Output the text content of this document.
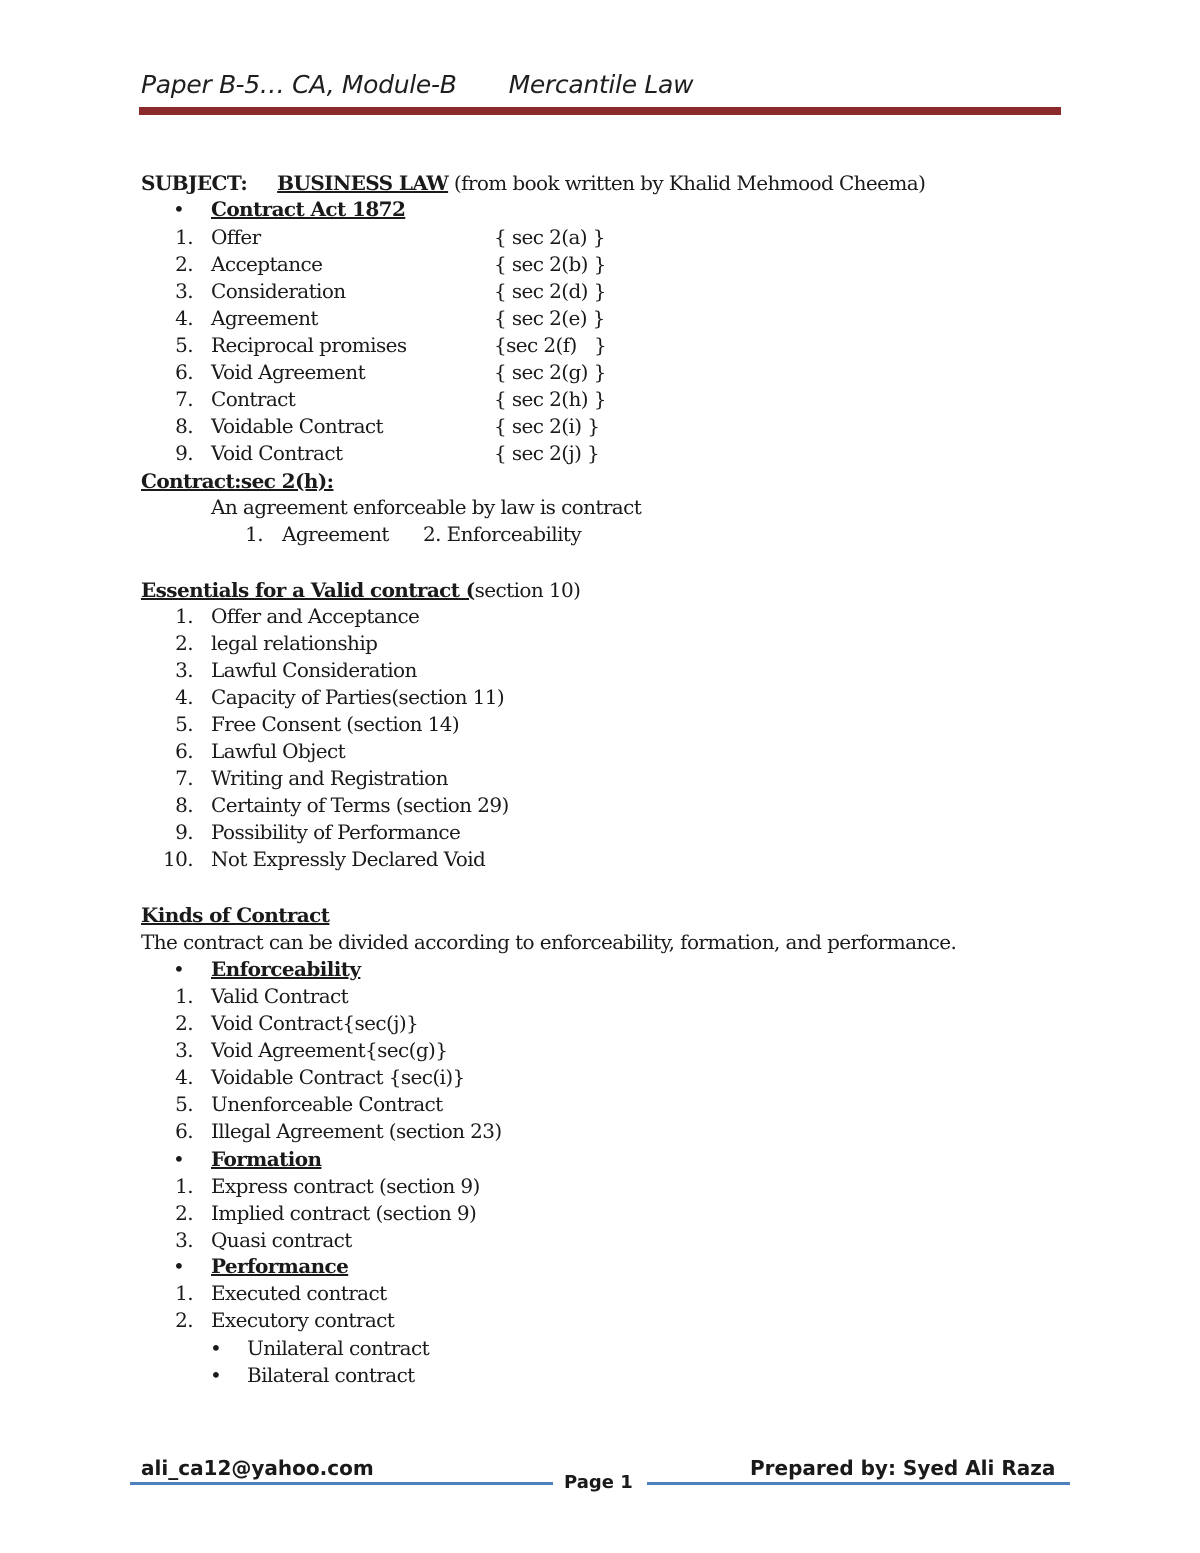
Paper B-5… CA, Module-B Mercantile Law
SUBJECT: BUSINESS LAW (from book written by Khalid Mehmood Cheema)
• Contract Act 1872
1. Offer	{ sec 2(a) }
2. Acceptance	{ sec 2(b) }
3. Consideration	{ sec 2(d) }
4. Agreement	{ sec 2(e) }
5. Reciprocal promises	{sec 2(f)   }
6. Void Agreement	{ sec 2(g) }
7. Contract	{ sec 2(h) }
8. Voidable Contract	{ sec 2(i) }
9. Void Contract	{ sec 2(j) }
Contract:sec 2(h):
An agreement enforceable by law is contract
1. Agreement 2. Enforceability
Essentials for a Valid contract (section 10)
1. Offer and Acceptance
2. legal relationship
3. Lawful Consideration
4. Capacity of Parties(section 11)
5. Free Consent (section 14)
6. Lawful Object
7. Writing and Registration
8. Certainty of Terms (section 29)
9. Possibility of Performance
10. Not Expressly Declared Void
Kinds of Contract
The contract can be divided according to enforceability, formation, and performance.
• Enforceability
1. Valid Contract
2. Void Contract{sec(j)}
3. Void Agreement{sec(g)}
4. Voidable Contract {sec(i)}
5. Unenforceable Contract
6. Illegal Agreement (section 23)
• Formation
1. Express contract (section 9)
2. Implied contract (section 9)
3. Quasi contract
• Performance
1. Executed contract
2. Executory contract
• Unilateral contract
• Bilateral contract
ali_ca12@yahoo.com
Page 1
Prepared by: Syed Ali Raza
